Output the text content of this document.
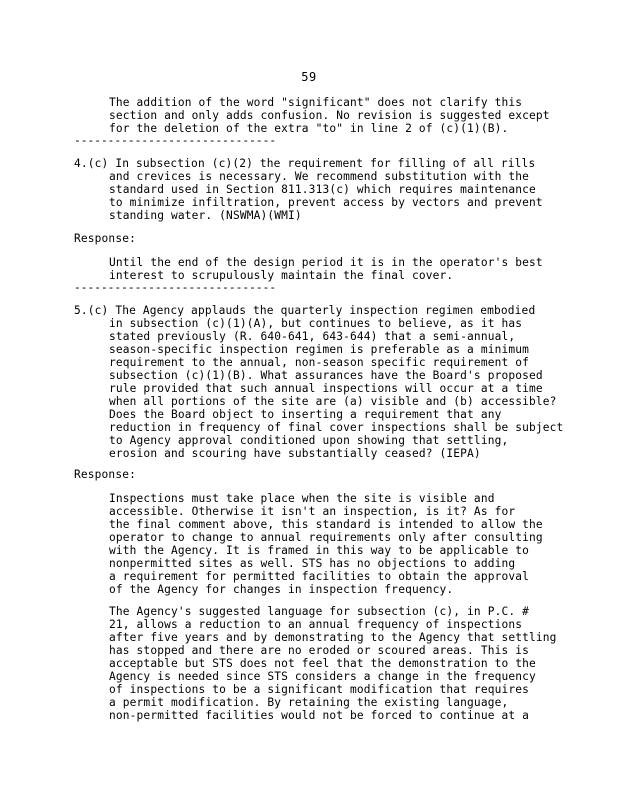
59
The addition of the word "significant" does not clarify this
section and only adds confusion. No revision is suggested except
for the deletion of the extra "to" in line 2 of (c)(1)(B).
------------------------------
4.(c) In subsection (c)(2) the requirement for filling of all rills
and crevices is necessary. We recommend substitution with the
standard used in Section 811.313(c) which requires maintenance
to minimize infiltration, prevent access by vectors and prevent
standing water. (NSWMA)(WMI)
Response:
Until the end of the design period it is in the operator's best
interest to scrupulously maintain the final cover.
------------------------------
5.(c) The Agency applauds the quarterly inspection regimen embodied
in subsection (c)(1)(A), but continues to believe, as it has
stated previously (R. 640-641, 643-644) that a semi-annual,
season-specific inspection regimen is preferable as a minimum
requirement to the annual, non-season specific requirement of
subsection (c)(1)(B). What assurances have the Board's proposed
rule provided that such annual inspections will occur at a time
when all portions of the site are (a) visible and (b) accessible?
Does the Board object to inserting a requirement that any
reduction in frequency of final cover inspections shall be subject
to Agency approval conditioned upon showing that settling,
erosion and scouring have substantially ceased? (IEPA)
Response:
Inspections must take place when the site is visible and
accessible. Otherwise it isn't an inspection, is it? As for
the final comment above, this standard is intended to allow the
operator to change to annual requirements only after consulting
with the Agency. It is framed in this way to be applicable to
nonpermitted sites as well. STS has no objections to adding
a requirement for permitted facilities to obtain the approval
of the Agency for changes in inspection frequency.
The Agency's suggested language for subsection (c), in P.C. #
21, allows a reduction to an annual frequency of inspections
after five years and by demonstrating to the Agency that settling
has stopped and there are no eroded or scoured areas. This is
acceptable but STS does not feel that the demonstration to the
Agency is needed since STS considers a change in the frequency
of inspections to be a significant modification that requires
a permit modification. By retaining the existing language,
non-permitted facilities would not be forced to continue at a
